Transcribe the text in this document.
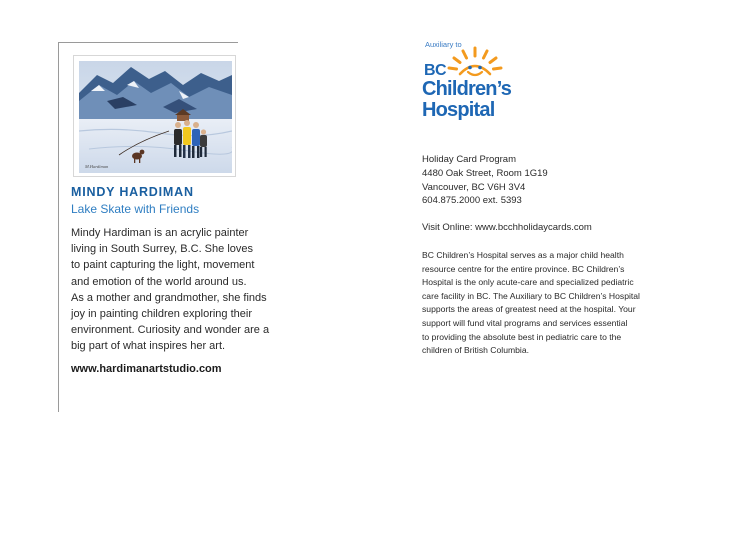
M.Hardiman
MINDY HARDIMAN
Lake Skate with Friends
Mindy Hardiman is an acrylic painter
living in South Surrey, B.C. She loves
to paint capturing the light, movement
and emotion of the world around us.
As a mother and grandmother, she finds
joy in painting children exploring their
environment. Curiosity and wonder are a
big part of what inspires her art.
www.hardimanartstudio.com
Auxiliary to
BC
Children’s
Hospital
Holiday Card Program
4480 Oak Street, Room 1G19
Vancouver, BC V6H 3V4
604.875.2000 ext. 5393
Visit Online: www.bcchholidaycards.com
BC Children’s Hospital serves as a major child health
resource centre for the entire province. BC Children’s
Hospital is the only acute-care and specialized pediatric
care facility in BC. The Auxiliary to BC Children’s Hospital
supports the areas of greatest need at the hospital. Your
support will fund vital programs and services essential
to providing the absolute best in pediatric care to the
children of British Columbia.
